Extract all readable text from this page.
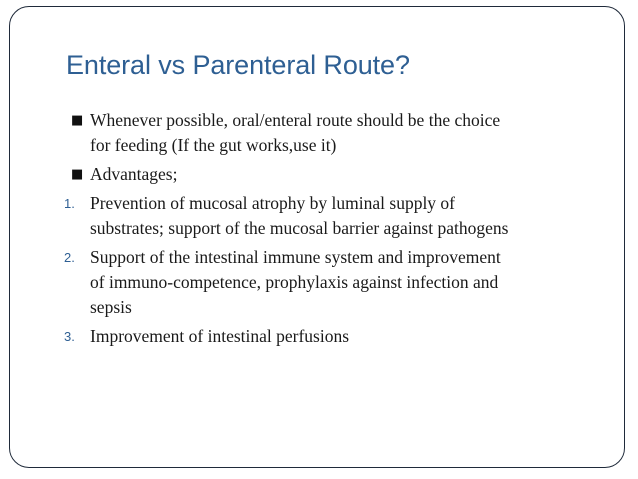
Enteral vs Parenteral Route?
■ Whenever possible, oral/enteral route should be the choice
for feeding (If the gut works,use it)
■ Advantages;
1. Prevention of mucosal atrophy by luminal supply of
substrates; support of the mucosal barrier against pathogens
2. Support of the intestinal immune system and improvement
of immuno-competence, prophylaxis against infection and
sepsis
3. Improvement of intestinal perfusions
